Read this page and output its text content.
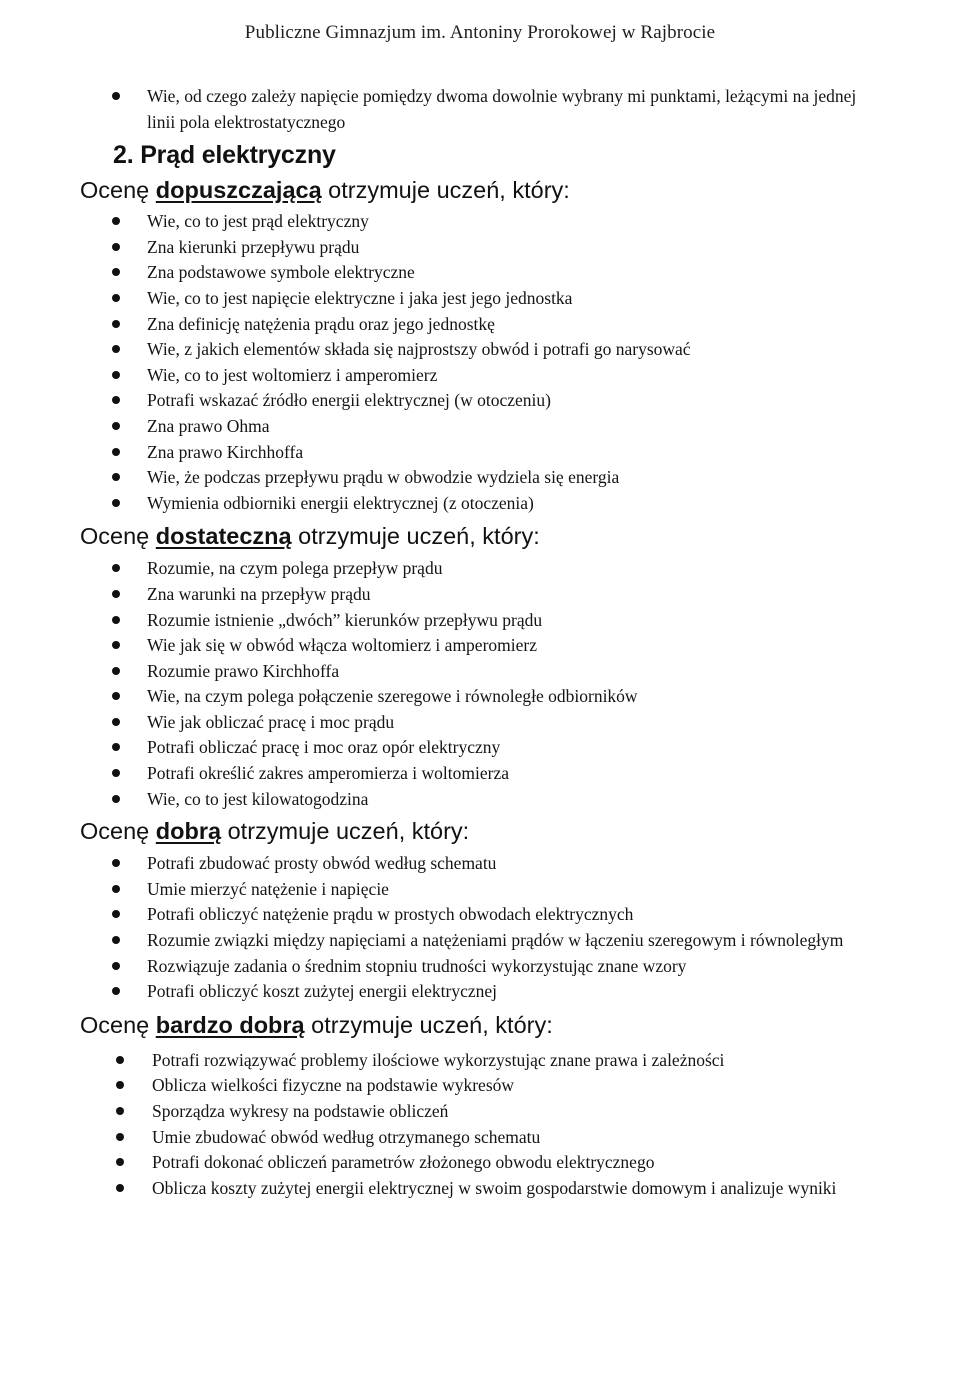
Publiczne Gimnazjum im. Antoniny Prorokowej w Rajbrocie
Wie, od czego zależy napięcie pomiędzy dwoma dowolnie wybrany mi punktami, leżącymi na jednej linii pola elektrostatycznego
2. Prąd elektryczny
Ocenę dopuszczającą otrzymuje uczeń, który:
Wie, co to jest prąd elektryczny
Zna kierunki przepływu prądu
Zna podstawowe symbole elektryczne
Wie, co to jest napięcie elektryczne i jaka jest jego jednostka
Zna definicję natężenia prądu oraz jego jednostkę
Wie, z jakich elementów składa się najprostszy obwód i potrafi go narysować
Wie, co to jest woltomierz i amperomierz
Potrafi wskazać źródło energii elektrycznej (w otoczeniu)
Zna prawo Ohma
Zna prawo Kirchhoffa
Wie, że podczas przepływu prądu w obwodzie wydziela się energia
Wymienia odbiorniki energii elektrycznej (z otoczenia)
Ocenę dostateczną otrzymuje uczeń, który:
Rozumie, na czym polega przepływ prądu
Zna warunki na przepływ prądu
Rozumie istnienie „dwóch” kierunków przepływu prądu
Wie jak się w obwód włącza woltomierz i amperomierz
Rozumie prawo Kirchhoffa
Wie, na czym polega połączenie szeregowe i równoległe odbiorników
Wie jak obliczać pracę i moc prądu
Potrafi obliczać pracę i moc oraz opór elektryczny
Potrafi określić zakres amperomierza i woltomierza
Wie, co to jest kilowatogodzina
Ocenę dobrą otrzymuje uczeń, który:
Potrafi zbudować prosty obwód według schematu
Umie mierzyć natężenie i napięcie
Potrafi obliczyć natężenie prądu w prostych obwodach elektrycznych
Rozumie związki między napięciami a natężeniami prądów w łączeniu szeregowym i równoległym
Rozwiązuje zadania o średnim stopniu trudności wykorzystując znane wzory
Potrafi obliczyć koszt zużytej energii elektrycznej
Ocenę bardzo dobrą otrzymuje uczeń, który:
Potrafi rozwiązywać problemy ilościowe wykorzystując znane prawa i zależności
Oblicza wielkości fizyczne na podstawie wykresów
Sporządza wykresy na podstawie obliczeń
Umie zbudować obwód według otrzymanego schematu
Potrafi dokonać obliczeń parametrów złożonego obwodu elektrycznego
Oblicza koszty zużytej energii elektrycznej w swoim gospodarstwie domowym i analizuje wyniki
